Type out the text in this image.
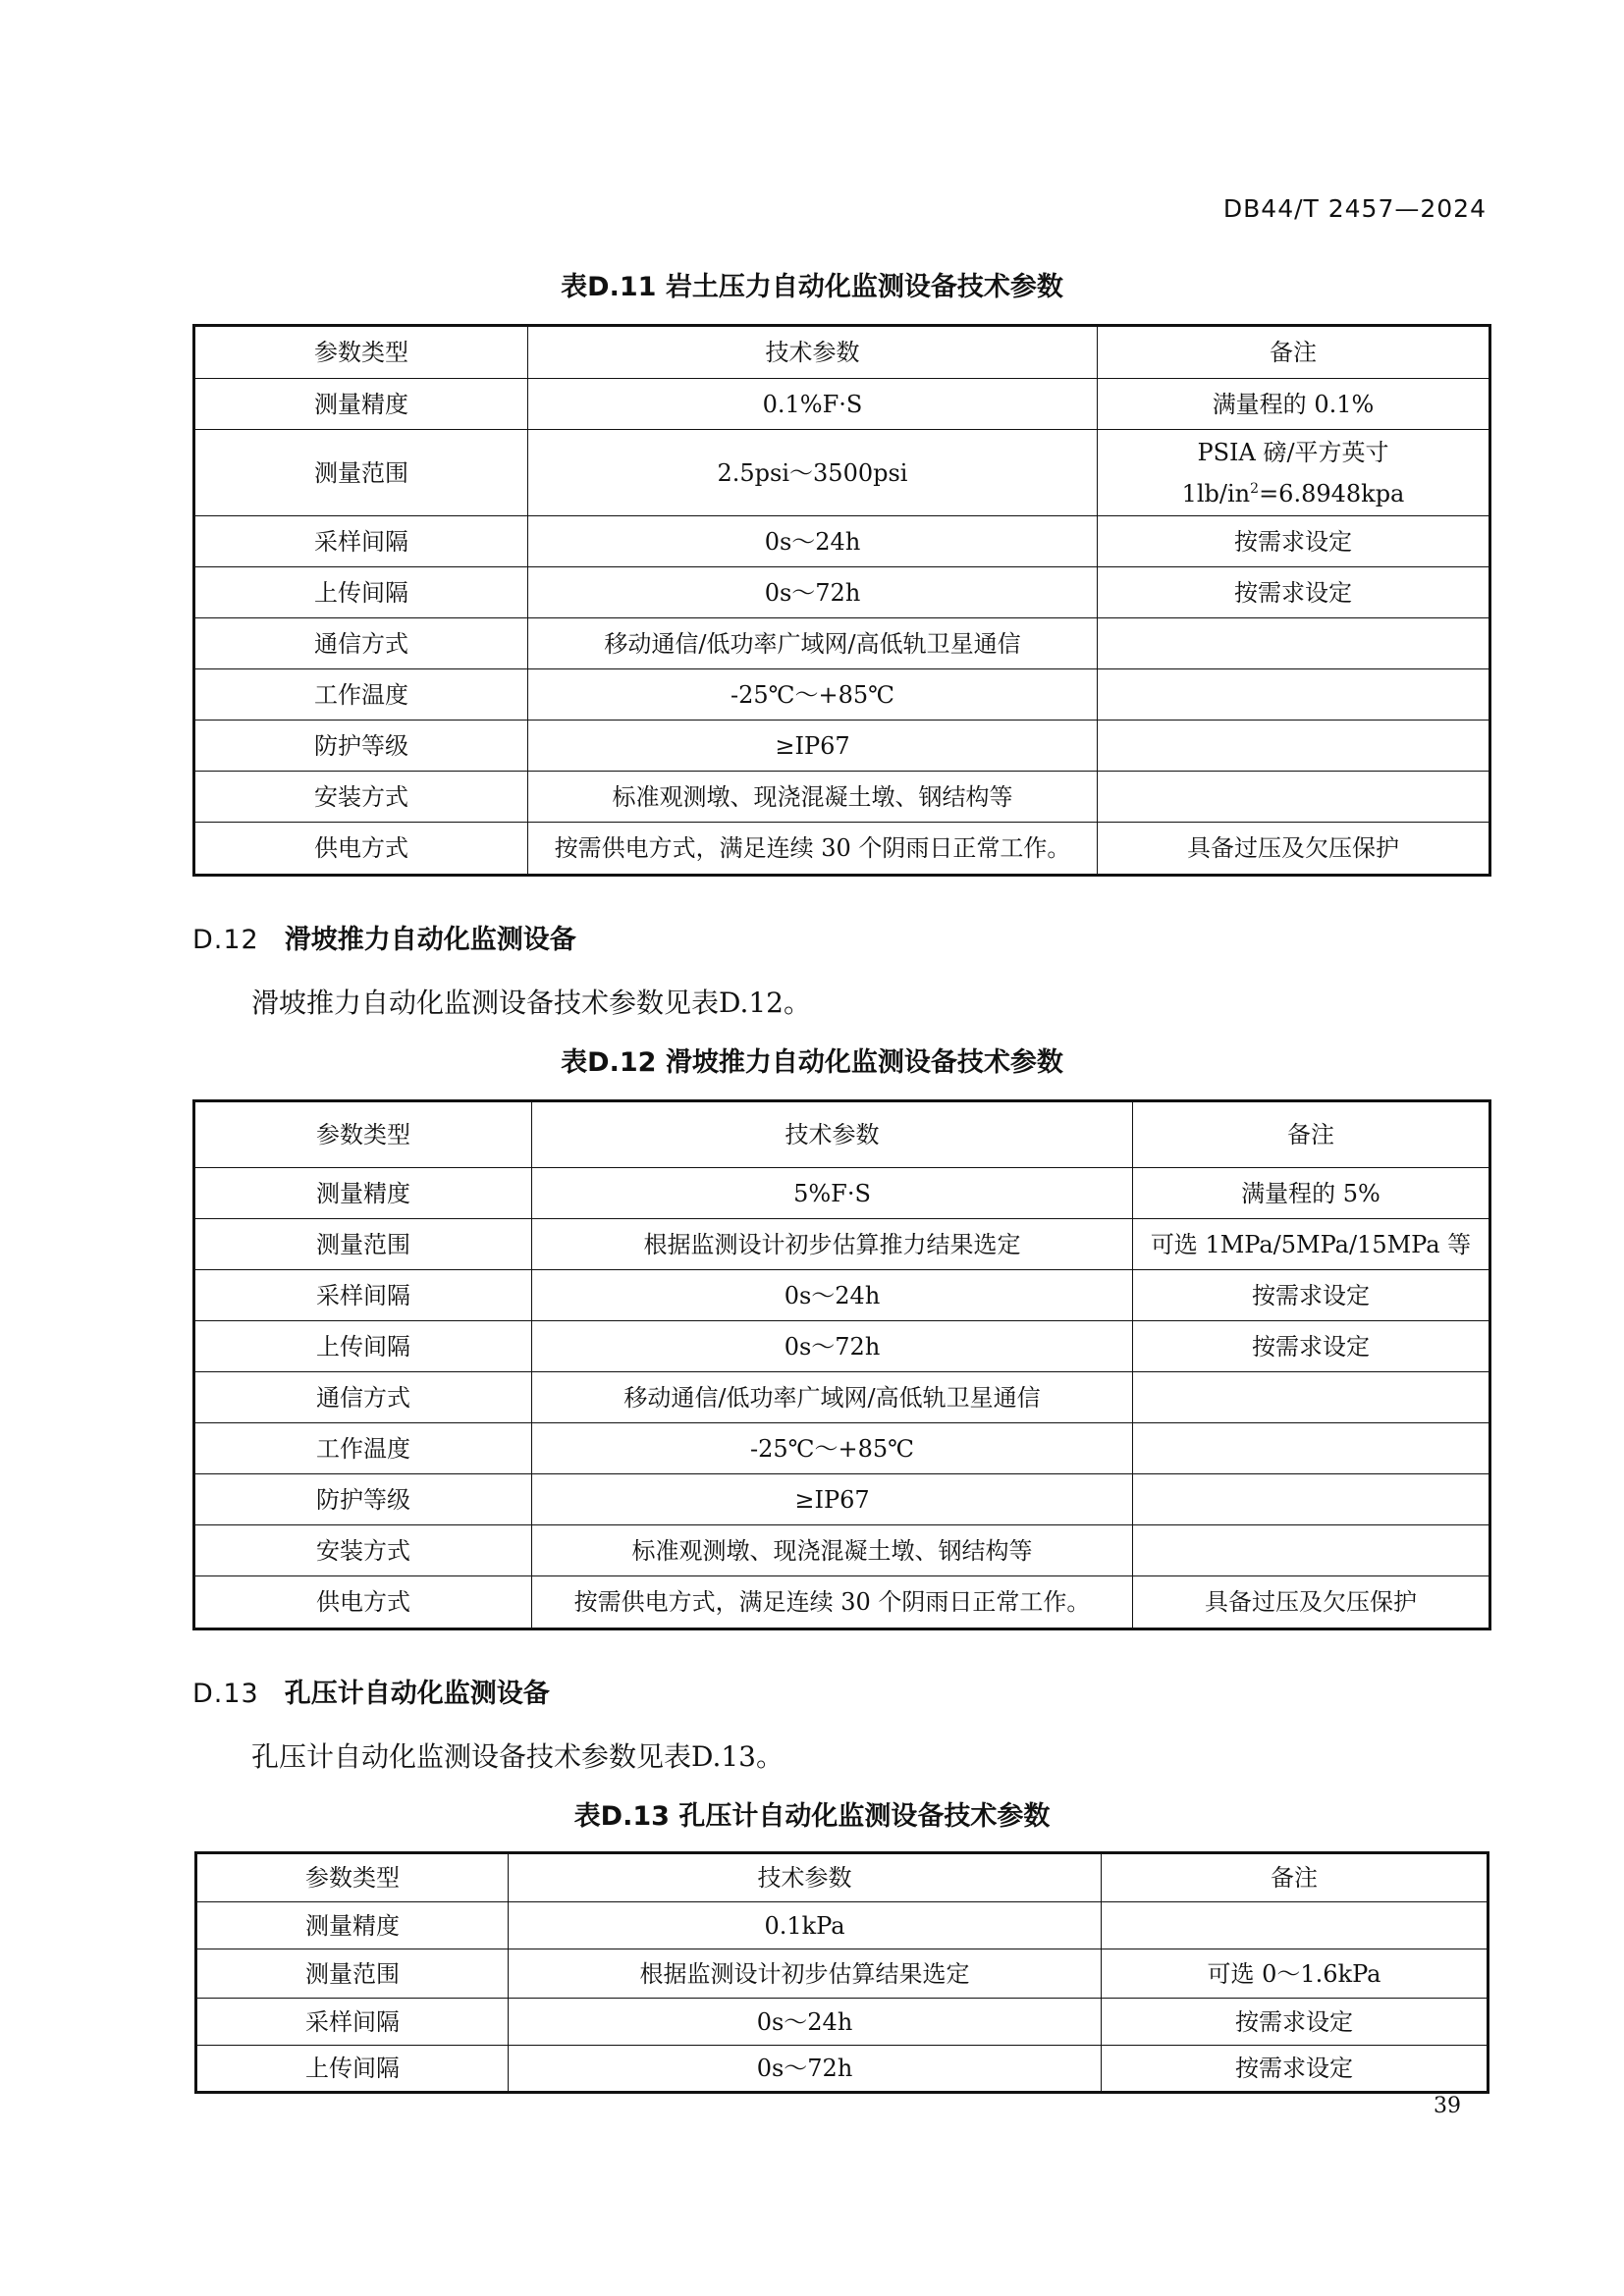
DB44/T 2457—2024
表D.11 岩土压力自动化监测设备技术参数
参数类型	技术参数	备注
测量精度	0.1%F·S	满量程的 0.1%
测量范围	2.5psi～3500psi	PSIA 磅/平方英寸
$1lb/in^2=6.8948kpa$

采样间隔	0s～24h	按需求设定
上传间隔	0s～72h	按需求设定
通信方式	移动通信/低功率广域网/高低轨卫星通信	
工作温度	-25℃～+85℃	
防护等级	≥IP67	
安装方式	标准观测墩、现浇混凝土墩、钢结构等	
供电方式	按需供电方式，满足连续 30 个阴雨日正常工作。	具备过压及欠压保护
D.12 滑坡推力自动化监测设备
滑坡推力自动化监测设备技术参数见表D.12。
表D.12 滑坡推力自动化监测设备技术参数
参数类型	技术参数	备注
测量精度	5%F·S	满量程的 5%
测量范围	根据监测设计初步估算推力结果选定	可选 1MPa/5MPa/15MPa 等
采样间隔	0s～24h	按需求设定
上传间隔	0s～72h	按需求设定
通信方式	移动通信/低功率广域网/高低轨卫星通信	
工作温度	-25℃～+85℃	
防护等级	≥IP67	
安装方式	标准观测墩、现浇混凝土墩、钢结构等	
供电方式	按需供电方式，满足连续 30 个阴雨日正常工作。	具备过压及欠压保护
D.13 孔压计自动化监测设备
孔压计自动化监测设备技术参数见表D.13。
表D.13 孔压计自动化监测设备技术参数
参数类型	技术参数	备注
测量精度	0.1kPa	
测量范围	根据监测设计初步估算结果选定	可选 0～1.6kPa
采样间隔	0s～24h	按需求设定
上传间隔	0s～72h	按需求设定
39
